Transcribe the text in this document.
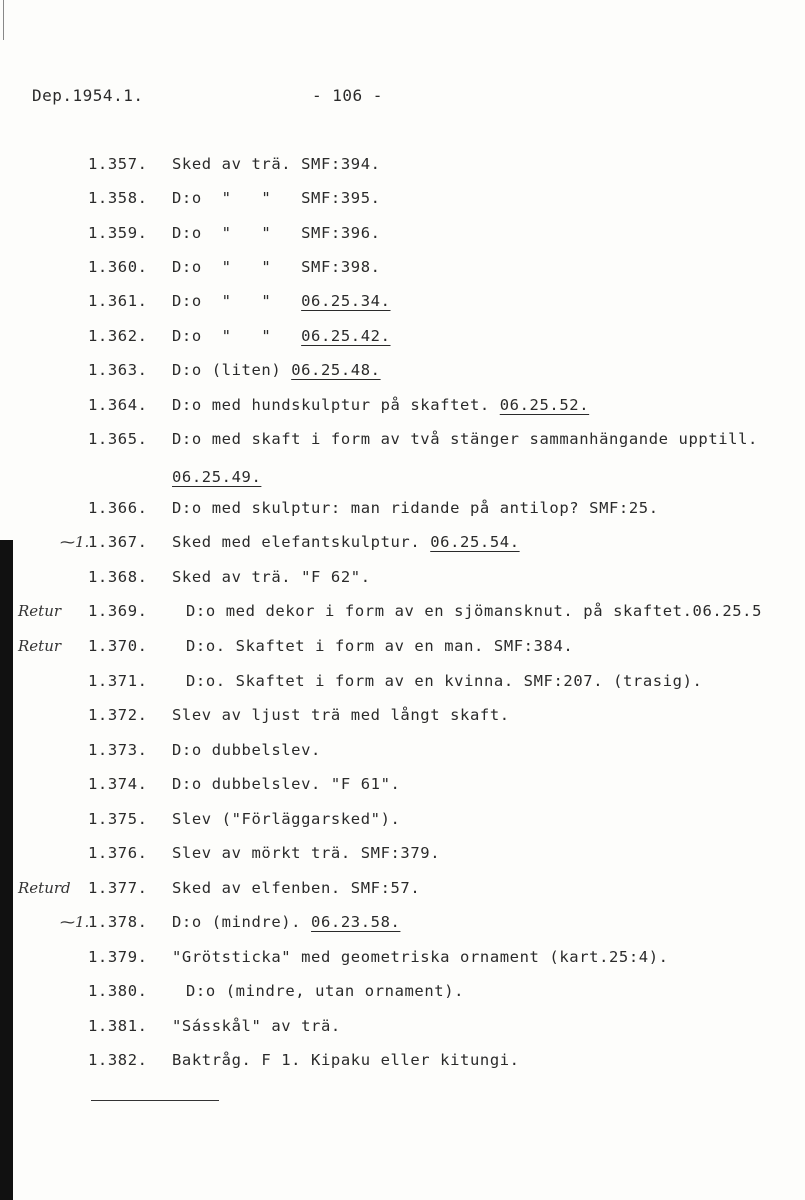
Dep.1954.1.	- 106 -
1.357. Sked av trä. SMF:394.
1.358. D:o  "   "   SMF:395.
1.359. D:o  "   "   SMF:396.
1.360. D:o  "   "   SMF:398.
1.361. D:o  "   "   06.25.34.
1.362. D:o  "   "   06.25.42.
1.363. D:o (liten) 06.25.48.
1.364. D:o med hundskulptur på skaftet. 06.25.52.
1.365. D:o med skaft i form av två stänger sammanhängande upptill.
1.366. D:o med skulptur: man ridande på antilop? SMF:25.
⁓1.
1.367. Sked med elefantskulptur. 06.25.54.
1.368. Sked av trä. "F 62".
Retur 1.369. D:o med dekor i form av en sjömansknut. på skaftet.06.25.5
Retur 1.370. D:o. Skaftet i form av en man. SMF:384.
1.371. D:o. Skaftet i form av en kvinna. SMF:207. (trasig).
1.372. Slev av ljust trä med långt skaft.
1.373. D:o dubbelslev.
1.374. D:o dubbelslev. "F 61".
1.375. Slev ("Förläggarsked").
1.376. Slev av mörkt trä. SMF:379.
Returd 1.377. Sked av elfenben. SMF:57.
⁓1.
1.378. D:o (mindre). 06.23.58.
1.379. "Grötsticka" med geometriska ornament (kart.25:4).
1.380. D:o (mindre, utan ornament).
1.381. "Sásskål" av trä.
1.382. Baktråg. F 1. Kipaku eller kitungi.
06.25.49.
